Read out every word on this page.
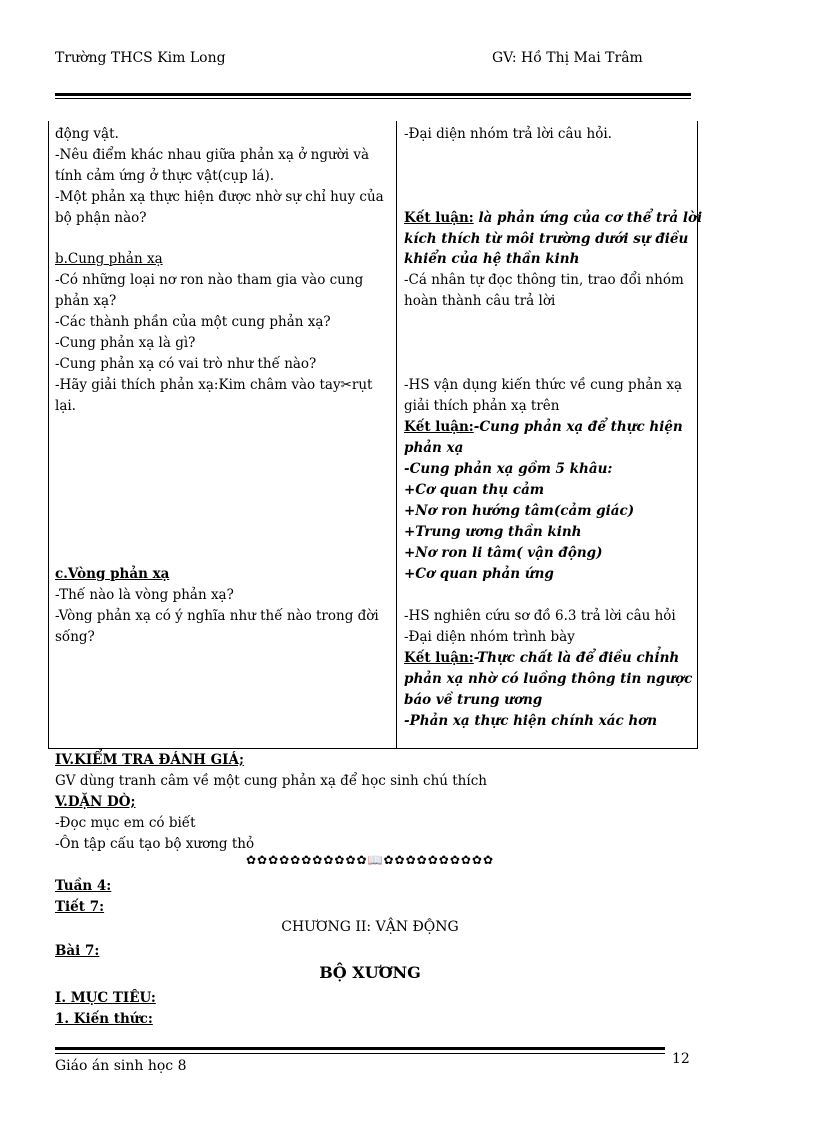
Trường THCS Kim Long	GV: Hồ Thị Mai Trâm
động vật.
-Nêu điểm khác nhau giữa phản xạ ở người và
tính cảm ứng ở thực vật(cụp lá).
-Một phản xạ thực hiện được nhờ sự chỉ huy của
bộ phận nào?
b.Cung phản xạ
-Có những loại nơ ron nào tham gia vào cung
phản xạ?
-Các thành phần của một cung phản xạ?
-Cung phản xạ là gì?
-Cung phản xạ có vai trò như thế nào?
-Hãy giải thích phản xạ:Kim châm vào tay✂rụt
lại.
c.Vòng phản xạ
-Thế nào là vòng phản xạ?
-Vòng phản xạ có ý nghĩa như thế nào trong đời
sống?
-Đại diện nhóm trả lời câu hỏi.
Kết luận: là phản ứng của cơ thể trả lời
kích thích từ môi trường dưới sự điều
khiển của hệ thần kinh
-Cá nhân tự đọc thông tin, trao đổi nhóm
hoàn thành câu trả lời
-HS vận dụng kiến thức về cung phản xạ
giải thích phản xạ trên
Kết luận:-Cung phản xạ để thực hiện
phản xạ
-Cung phản xạ gồm 5 khâu:
+Cơ quan thụ cảm
+Nơ ron hướng tâm(cảm giác)
+Trung ương thần kinh
+Nơ ron li tâm( vận động)
+Cơ quan phản ứng
-HS nghiên cứu sơ đồ 6.3 trả lời câu hỏi
-Đại diện nhóm trình bày
Kết luận:-Thực chất là để điều chỉnh
phản xạ nhờ có luồng thông tin ngược
báo về trung ương
-Phản xạ thực hiện chính xác hơn
IV.KIỂM TRA ĐÁNH GIÁ;
GV dùng tranh câm về một cung phản xạ để học sinh chú thích
V.DẶN DÒ;
-Đọc mục em có biết
-Ôn tập cấu tạo bộ xương thỏ
✿✿✿✿✿✿✿✿✿✿✿📖✿✿✿✿✿✿✿✿✿✿
Tuần 4:
Tiết 7:
CHƯƠNG II: VẬN ĐỘNG
Bài 7:
BỘ XƯƠNG
I. MỤC TIÊU:
1. Kiến thức:
12
Giáo án sinh học 8
